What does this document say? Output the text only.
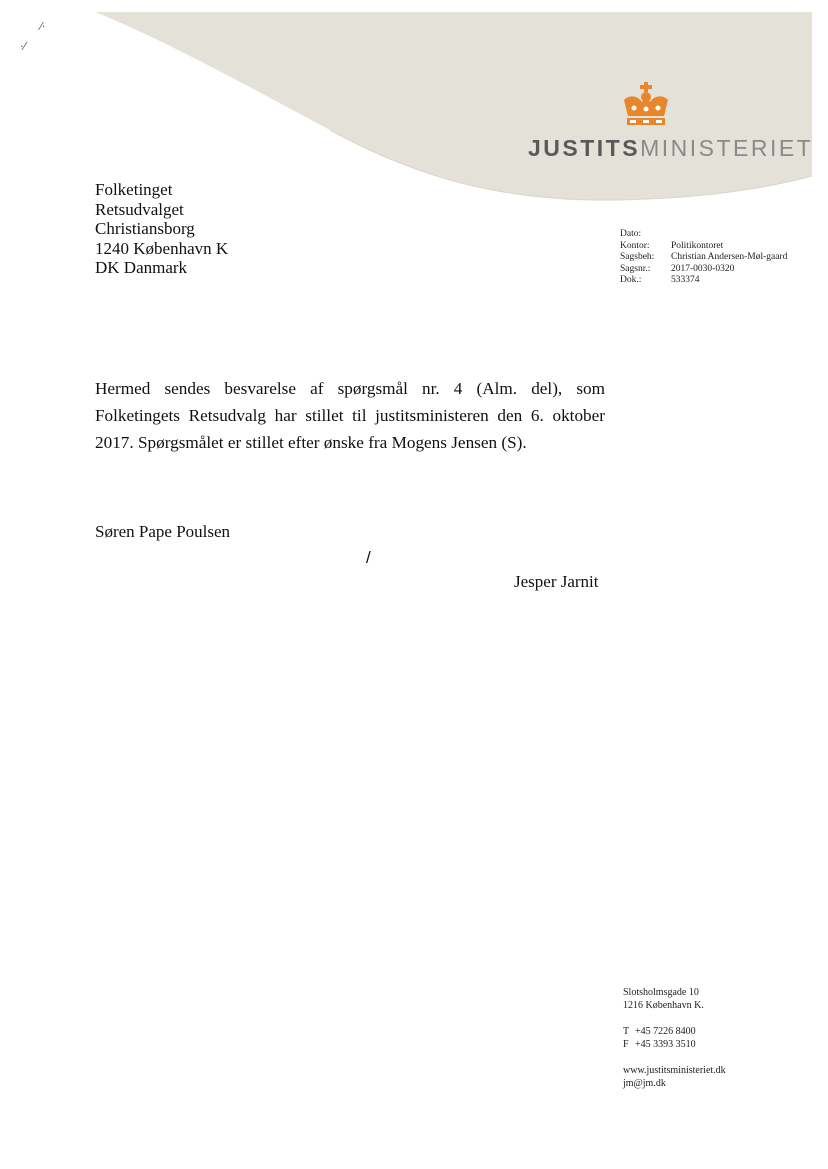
⁄·
·⁄
JUSTITSMINISTERIET
Folketinget
Retsudvalget
Christiansborg
1240 København K
DK Danmark
Dato:
Kontor:	Politikontoret
Sagsbeh:	Christian Andersen-Møl-gaard
Sagsnr.:	2017-0030-0320
Dok.:	533374
Hermed sendes besvarelse af spørgsmål nr. 4 (Alm. del), som Folketingets Retsudvalg har stillet til justitsministeren den 6. oktober 2017. Spørgsmålet er stillet efter ønske fra Mogens Jensen (S).
Søren Pape Poulsen
/
Jesper Jarnit
Slotsholmsgade 10
1216 København K.
T +45 7226 8400
F +45 3393 3510
www.justitsministeriet.dk
jm@jm.dk
